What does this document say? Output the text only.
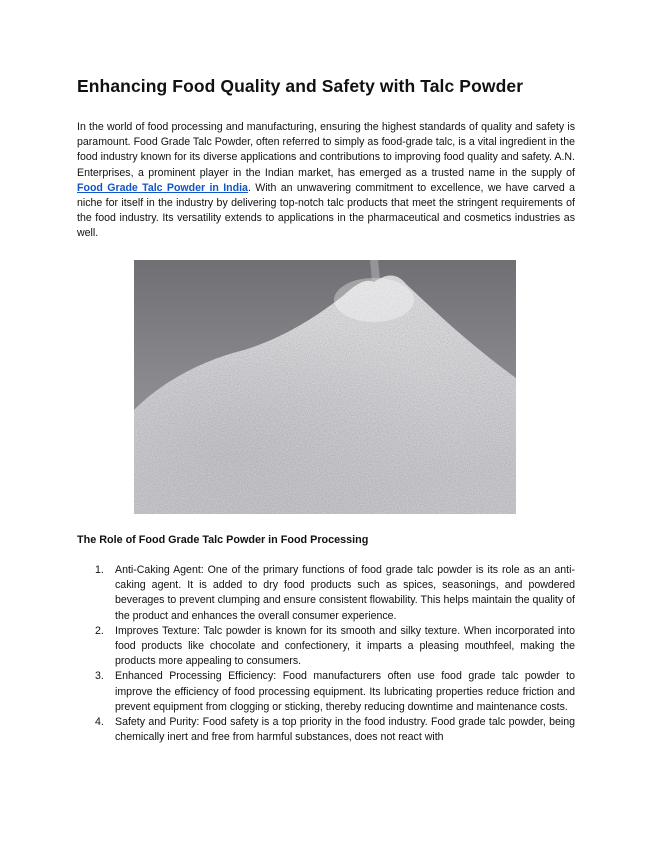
Enhancing Food Quality and Safety with Talc Powder

In the world of food processing and manufacturing, ensuring the highest standards of quality and safety is paramount. Food Grade Talc Powder, often referred to simply as food-grade talc, is a vital ingredient in the food industry known for its diverse applications and contributions to improving food quality and safety. A.N. Enterprises, a prominent player in the Indian market, has emerged as a trusted name in the supply of Food Grade Talc Powder in India. With an unwavering commitment to excellence, we have carved a niche for itself in the industry by delivering top-notch talc products that meet the stringent requirements of the food industry. Its versatility extends to applications in the pharmaceutical and cosmetics industries as well.

The Role of Food Grade Talc Powder in Food Processing
1. Anti-Caking Agent: One of the primary functions of food grade talc powder is its role as an anti-caking agent. It is added to dry food products such as spices, seasonings, and powdered beverages to prevent clumping and ensure consistent flowability. This helps maintain the quality of the product and enhances the overall consumer experience.
2. Improves Texture: Talc powder is known for its smooth and silky texture. When incorporated into food products like chocolate and confectionery, it imparts a pleasing mouthfeel, making the products more appealing to consumers.
3. Enhanced Processing Efficiency: Food manufacturers often use food grade talc powder to improve the efficiency of food processing equipment. Its lubricating properties reduce friction and prevent equipment from clogging or sticking, thereby reducing downtime and maintenance costs.
4. Safety and Purity: Food safety is a top priority in the food industry. Food grade talc powder, being chemically inert and free from harmful substances, does not react with
